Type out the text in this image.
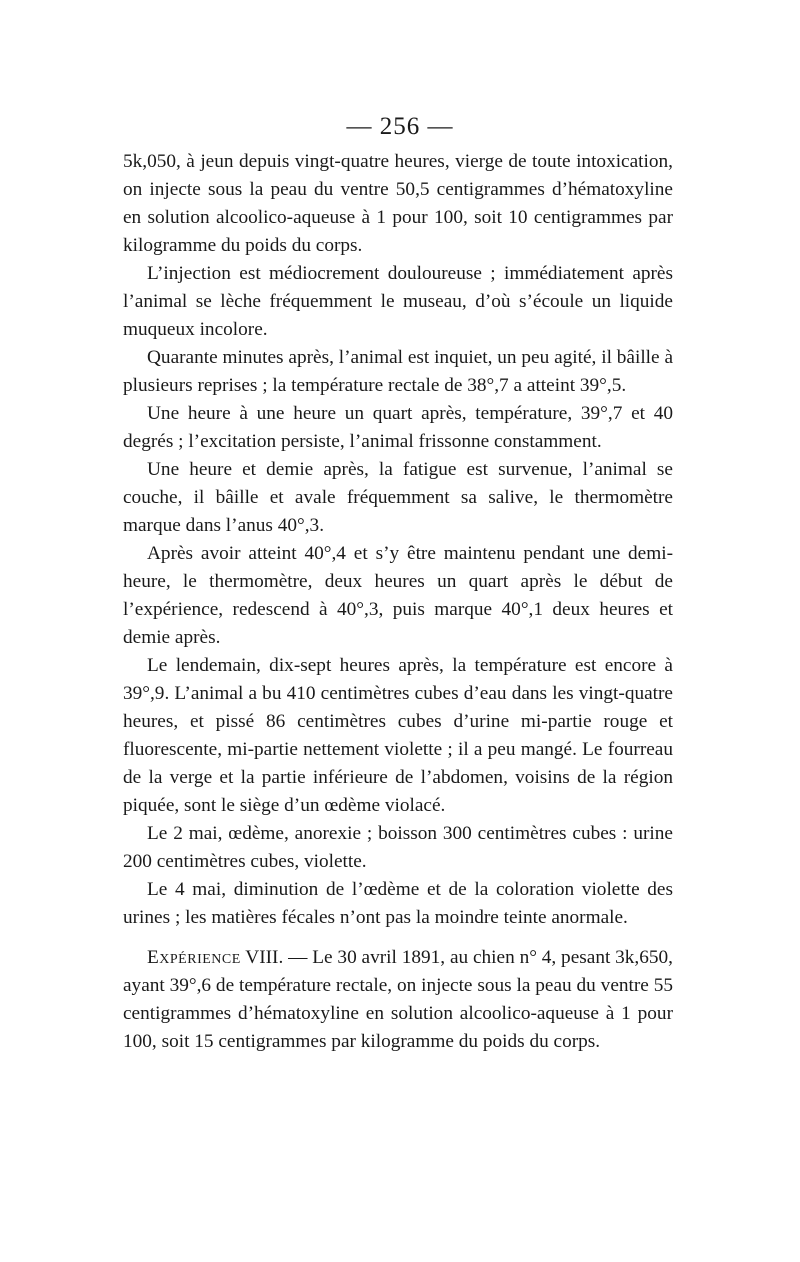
— 256 —

5k,050, à jeun depuis vingt-quatre heures, vierge de toute intoxication, on injecte sous la peau du ventre 50,5 centigrammes d’hématoxyline en solution alcoolico-aqueuse à 1 pour 100, soit 10 centigrammes par kilogramme du poids du corps.

L’injection est médiocrement douloureuse ; immédiatement après l’animal se lèche fréquemment le museau, d’où s’écoule un liquide muqueux incolore.

Quarante minutes après, l’animal est inquiet, un peu agité, il bâille à plusieurs reprises ; la température rectale de 38°,7 a atteint 39°,5.

Une heure à une heure un quart après, température, 39°,7 et 40 degrés ; l’excitation persiste, l’animal frissonne constamment.

Une heure et demie après, la fatigue est survenue, l’animal se couche, il bâille et avale fréquemment sa salive, le thermomètre marque dans l’anus 40°,3.

Après avoir atteint 40°,4 et s’y être maintenu pendant une demi-heure, le thermomètre, deux heures un quart après le début de l’expérience, redescend à 40°,3, puis marque 40°,1 deux heures et demie après.

Le lendemain, dix-sept heures après, la température est encore à 39°,9. L’animal a bu 410 centimètres cubes d’eau dans les vingt-quatre heures, et pissé 86 centimètres cubes d’urine mi-partie rouge et fluorescente, mi-partie nettement violette ; il a peu mangé. Le fourreau de la verge et la partie inférieure de l’abdomen, voisins de la région piquée, sont le siège d’un œdème violacé.

Le 2 mai, œdème, anorexie ; boisson 300 centimètres cubes : urine 200 centimètres cubes, violette.

Le 4 mai, diminution de l’œdème et de la coloration violette des urines ; les matières fécales n’ont pas la moindre teinte anormale.

Expérience VIII. — Le 30 avril 1891, au chien n° 4, pesant 3k,650, ayant 39°,6 de température rectale, on injecte sous la peau du ventre 55 centigrammes d’hématoxyline en solution alcoolico-aqueuse à 1 pour 100, soit 15 centigrammes par kilogramme du poids du corps.
